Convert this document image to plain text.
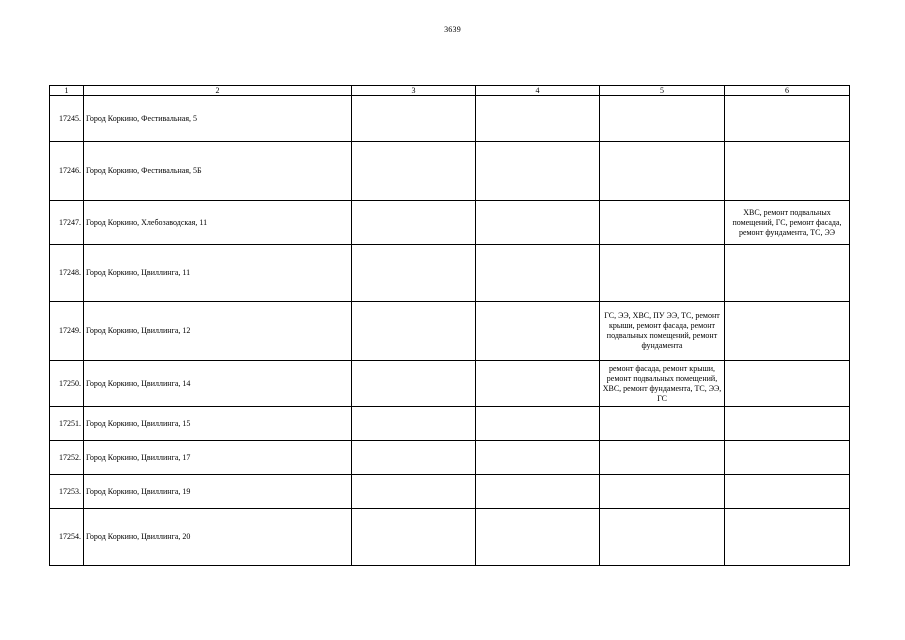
3639
1	2	3	4	5	6
17245.	Город Коркино, Фестивальная, 5				
17246.	Город Коркино, Фестивальная, 5Б				
17247.	Город Коркино, Хлебозаводская, 11				ХВС, ремонт подвальных помещений, ГС, ремонт фасада, ремонт фундамента, ТС, ЭЭ
17248.	Город Коркино, Цвиллинга, 11				
17249.	Город Коркино, Цвиллинга, 12			ГС, ЭЭ, ХВС, ПУ ЭЭ, ТС, ремонт крыши, ремонт фасада, ремонт подвальных помещений, ремонт фундамента	
17250.	Город Коркино, Цвиллинга, 14			ремонт фасада, ремонт крыши, ремонт подвальных помещений, ХВС, ремонт фундамента, ТС, ЭЭ, ГС	
17251.	Город Коркино, Цвиллинга, 15				
17252.	Город Коркино, Цвиллинга, 17				
17253.	Город Коркино, Цвиллинга, 19				
17254.	Город Коркино, Цвиллинга, 20				
